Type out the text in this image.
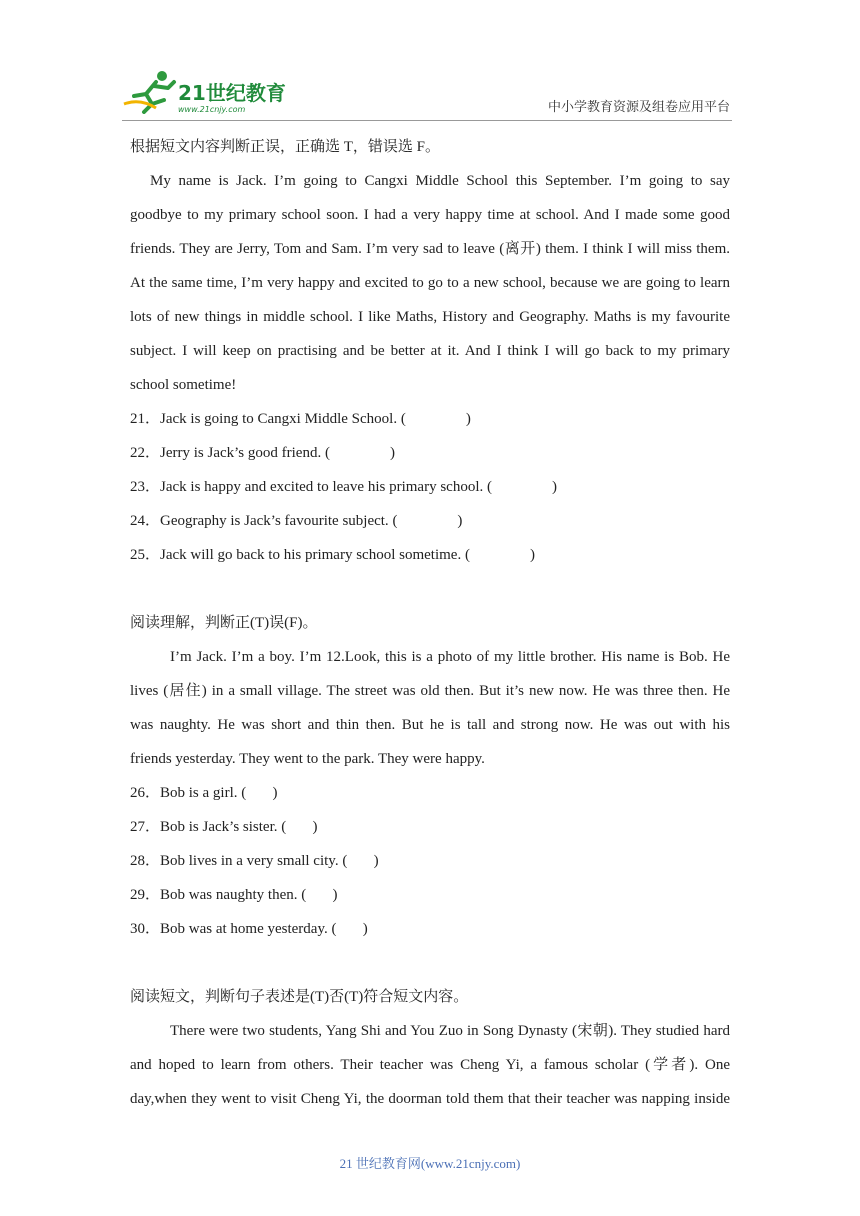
21世纪教育
www.21cnjy.com	中小学教育资源及组卷应用平台
根据短文内容判断正误，正确选 T，错误选 F。
My name is Jack. I’m going to Cangxi Middle School this September. I’m going to say
goodbye to my primary school soon. I had a very happy time at school. And I made some good
friends. They are Jerry, Tom and Sam. I’m very sad to leave (离开) them. I think I will miss them.
At the same time, I’m very happy and excited to go to a new school, because we are going to learn
lots of new things in middle school. I like Maths, History and Geography. Maths is my favourite
subject. I will keep on practising and be better at it. And I think I will go back to my primary
school sometime!
21． Jack is going to Cangxi Middle School. (                )
22． Jerry is Jack’s good friend. (                )
23． Jack is happy and excited to leave his primary school. (                )
24． Geography is Jack’s favourite subject. (                )
25． Jack will go back to his primary school sometime. (                )
阅读理解，判断正(T)误(F)。
I’m Jack. I’m a boy. I’m 12.Look, this is a photo of my little brother. His name is Bob. He
lives (居住) in a small village. The street was old then. But it’s new now. He was three then. He
was naughty. He was short and thin then. But he is tall and strong now. He was out with his
friends yesterday. They went to the park. They were happy.
26． Bob is a girl. (       )
27． Bob is Jack’s sister. (       )
28． Bob lives in a very small city. (       )
29． Bob was naughty then. (       )
30． Bob was at home yesterday. (       )
阅读短文，判断句子表述是(T)否(T)符合短文内容。
There were two students, Yang Shi and You Zuo in Song Dynasty (宋朝). They studied hard
and hoped to learn from others. Their teacher was Cheng Yi, a famous scholar (学者). One
day,when they went to visit Cheng Yi, the doorman told them that their teacher was napping inside
21 世纪教育网(www.21cnjy.com)
